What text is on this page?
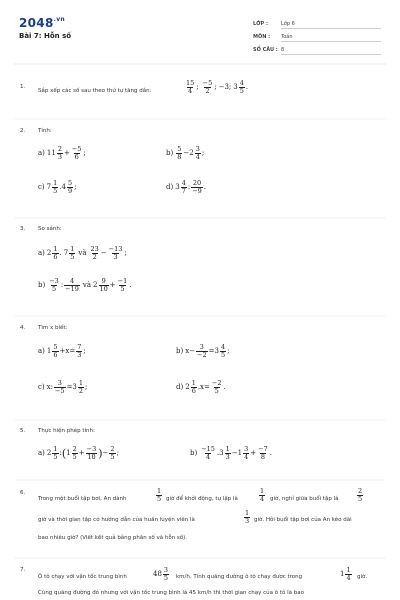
$2048^{.vn}$
Bài 7: Hỗn số
LỚP :	Lớp 6
MÔN : Toán
SỐ CÂU : 8
1.
Sắp xếp các số sau theo thứ tự tăng dần:
15
4 ; −5
2 ; −3; 3 4
5 .
2. Tính:
a) 11 2
3 + −5
6 ;	b) 5
8 −2 3
4 ;
c) 7 1
5 .4 5
9 ;	d) 3 4
7 : 20
−9 .
3. So sánh:
a) 2 1
6 . 7 1
5 và 23
2 − −13
3 ;
b) −3
5 : 4
−19 và 2 9
10 + −1
5 .
4. Tìm x biết:
a) 1 5
6 +x= 7
3 ;	b) x− 3
−2 =3 4
5 ;
c) x: 3
−5 =3 1
2 ;	d) 2 1
6 .x= −2
5 .
5. Thực hiện phép tính:
a) 2 1
5 : ( 1 2
5 + −3
10 ) − 2
5 ;	b) −15
4 .3 1
3 −1 3
4 + −7
8 .
6.
Trong một buổi tập bơi, An dành
1
5 giờ để khởi động, tự lập là
1
4 giờ, nghỉ giữa buổi tập là
2
5
giờ và thời gian tập có hướng dẫn của huấn luyện viên là
1
3 giờ. Hỏi buổi tập bơi của An kéo dài
bao nhiêu giờ? (Viết kết quả bằng phân số và hỗn số).
7.
Ô tô chạy với vận tốc trung bình	48 3
5 km/h. Tính quãng đường ô tô chạy được trong	1 1
4 giờ.
Cùng quãng đường đó nhưng với vận tốc trung bình là 45 km/h thì thời gian chạy của ô tô là bao
